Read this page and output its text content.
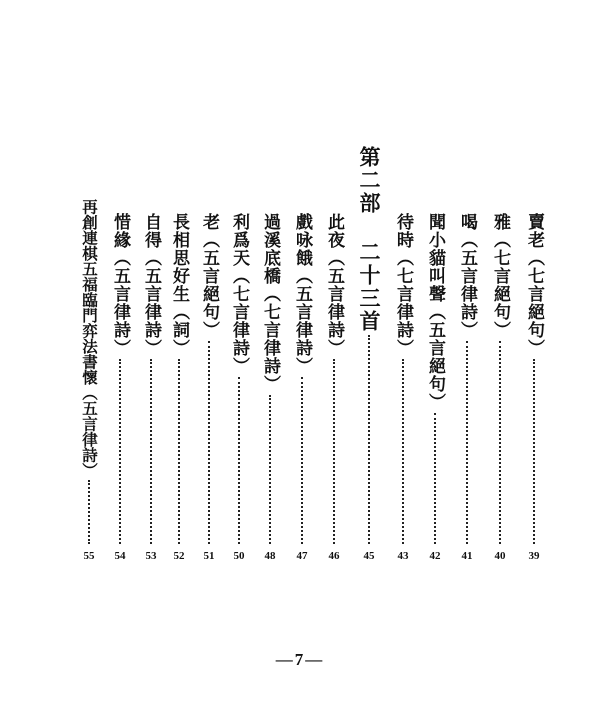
賣老（七言絕句）
39
雅（七言絕句）
40
喝（五言律詩）
41
聞小貓叫聲（五言絕句）
42
待時（七言律詩）
43
第二部 二十三首
45
此夜（五言律詩）
46
戲咏餓（五言律詩）
47
過溪底橋（七言律詩）
48
利爲天（七言律詩）
50
老（五言絕句）
51
長相思好生（詞）
52
自得（五言律詩）
53
惜緣（五言律詩）
54
再創連棋五福臨門弈法書懷（五言律詩）
55
—7—
